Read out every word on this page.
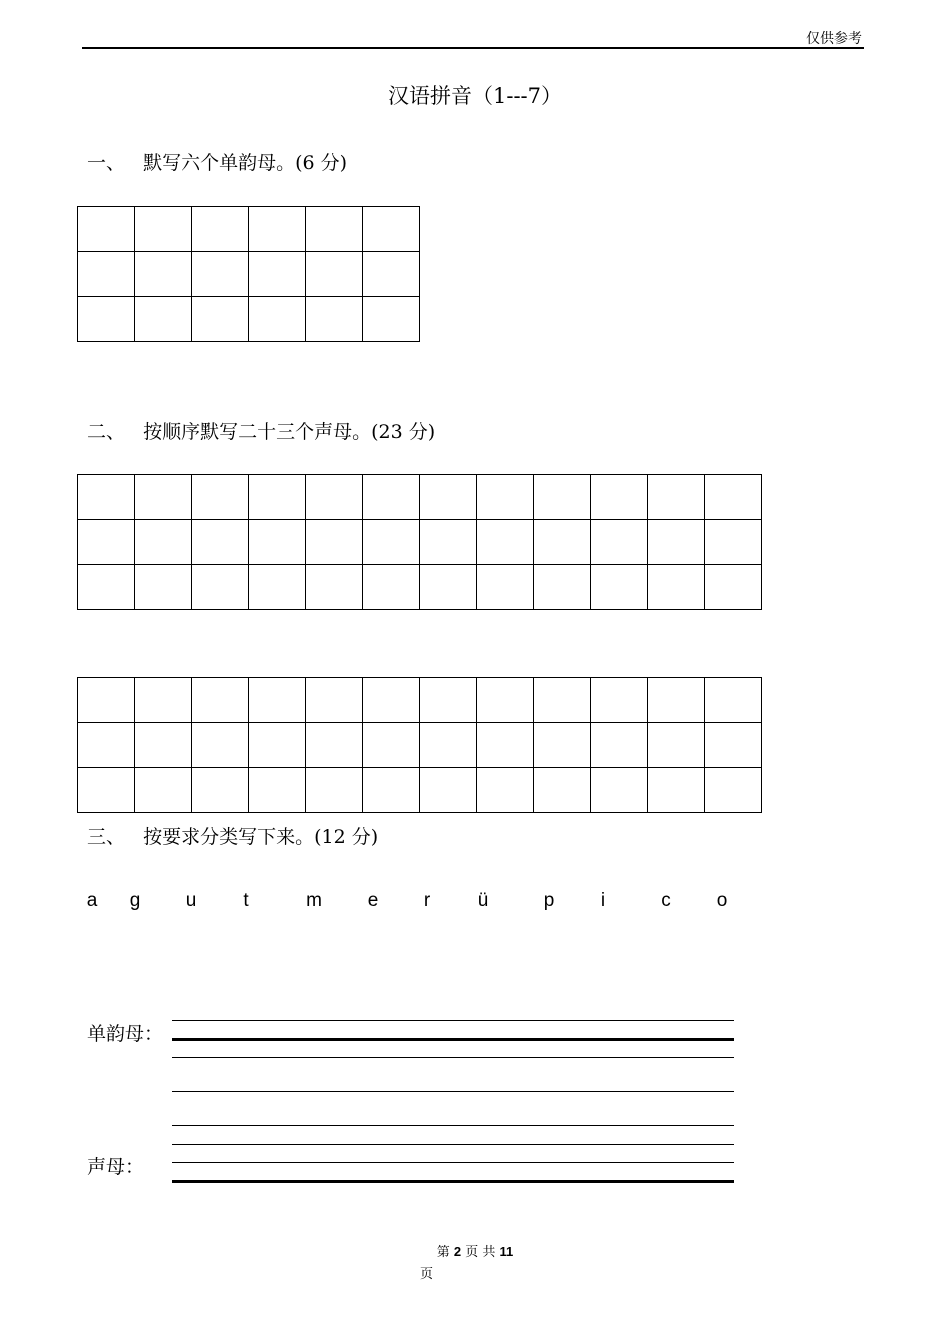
仅供参考
汉语拼音（1---7）
一、 默写六个单韵母。(6 分)

二、 按顺序默写二十三个声母。(23 分)

三、 按要求分类写下来。(12 分)
a g u	t	m e	r	ü	p	i	c o
单韵母：
声母：
第 2 页 共 11
页
